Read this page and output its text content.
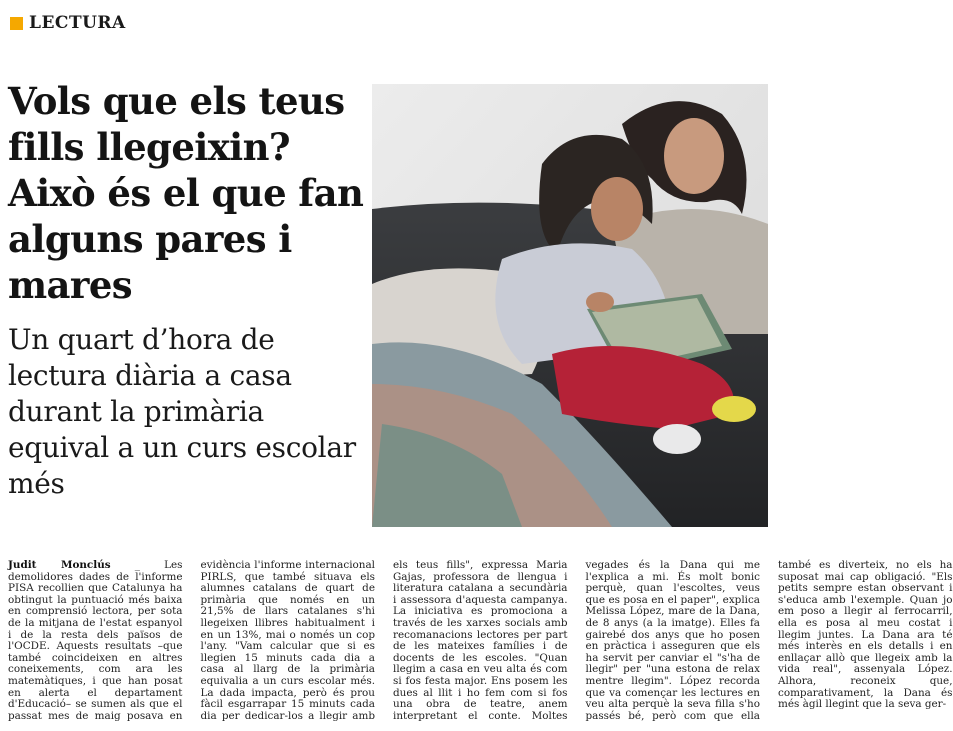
LECTURA
Vols que els teus fills llegeixin? Això és el que fan alguns pares i mares
Un quart d’hora de lectura diària a casa durant la primària equival a un curs escolar més
Judit Monclús _ Les demolidores dades de l'informe PISA recollien que Catalunya ha obtingut la puntuació més baixa en comprensió lectora, per sota de la mitjana de l'estat espanyol i de la resta dels països de l'OCDE. Aquests resultats –que també coincideixen en altres coneixements, com ara les matemàtiques, i que han posat en alerta el departament d'Educació– se sumen als que el passat mes de maig posava en evidència l'informe internacional PIRLS, que també situava els alumnes catalans de quart de primària que només en un 21,5% de llars catalanes s'hi llegeixen llibres habitualment i en un 13%, mai o només un cop l'any. "Vam calcular que si es llegien 15 minuts cada dia a casa al llarg de la primària equivalia a un curs escolar més. La dada impacta, però és prou fàcil esgarrapar 15 minuts cada dia per dedicar-los a llegir amb els teus fills", expressa Maria Gajas, professora de llengua i literatura catalana a secundària i assessora d'aquesta campanya. La iniciativa es promociona a través de les xarxes socials amb recomanacions lectores per part de les mateixes famílies i de docents de les escoles. "Quan llegim a casa en veu alta és com si fos festa major. Ens posem les dues al llit i ho fem com si fos una obra de teatre, anem interpretant el conte. Moltes vegades és la Dana qui me l'explica a mi. És molt bonic perquè, quan l'escoltes, veus que es posa en el paper", explica Melissa López, mare de la Dana, de 8 anys (a la imatge). Elles fa gairebé dos anys que ho posen en pràctica i asseguren que els ha servit per canviar el "s'ha de llegir" per "una estona de relax mentre llegim". López recorda que va començar les lectures en veu alta perquè la seva filla s'ho passés bé, però com que ella també es diverteix, no els ha suposat mai cap obligació. "Els petits sempre estan observant i s'educa amb l'exemple. Quan jo em poso a llegir al ferrocarril, ella es posa al meu costat i llegim juntes. La Dana ara té més interès en els detalls i en enllaçar allò que llegeix amb la vida real", assenyala López. Alhora, reconeix que, comparativament, la Dana és més àgil llegint que la seva ger-
